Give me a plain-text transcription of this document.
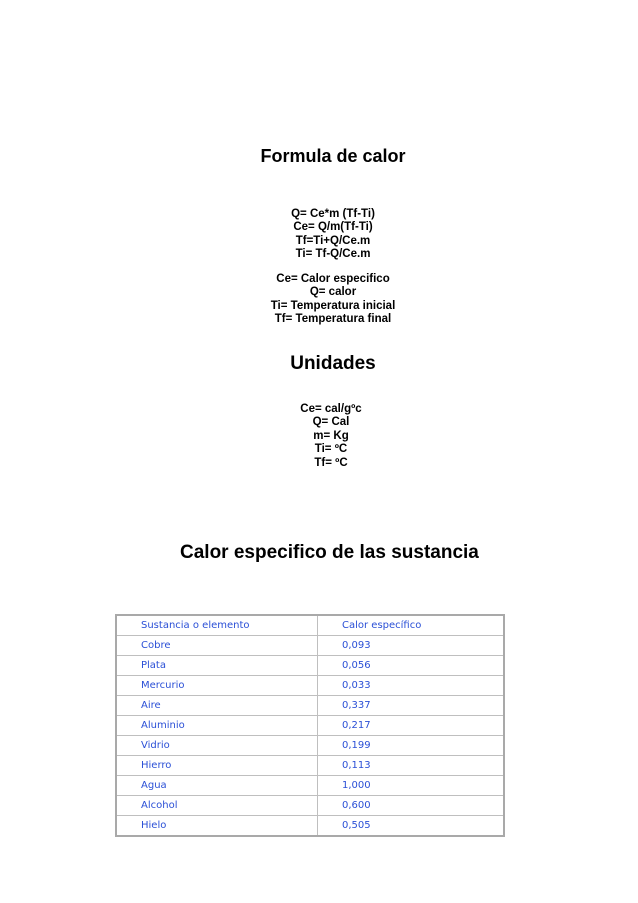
Formula de calor
Q= Ce*m (Tf-Ti)
Ce= Q/m(Tf-Ti)
Tf=Ti+Q/Ce.m
Ti= Tf-Q/Ce.m
Ce= Calor especifico
Q= calor
Ti= Temperatura inicial
Tf= Temperatura final
Unidades
Ce= cal/gºc
Q= Cal
m= Kg
Ti= ºC
Tf= ºC
Calor especifico de las sustancia
Sustancia o elemento	Calor específico
Cobre	0,093
Plata	0,056
Mercurio	0,033
Aire	0,337
Aluminio	0,217
Vidrio	0,199
Hierro	0,113
Agua	1,000
Alcohol	0,600
Hielo	0,505
